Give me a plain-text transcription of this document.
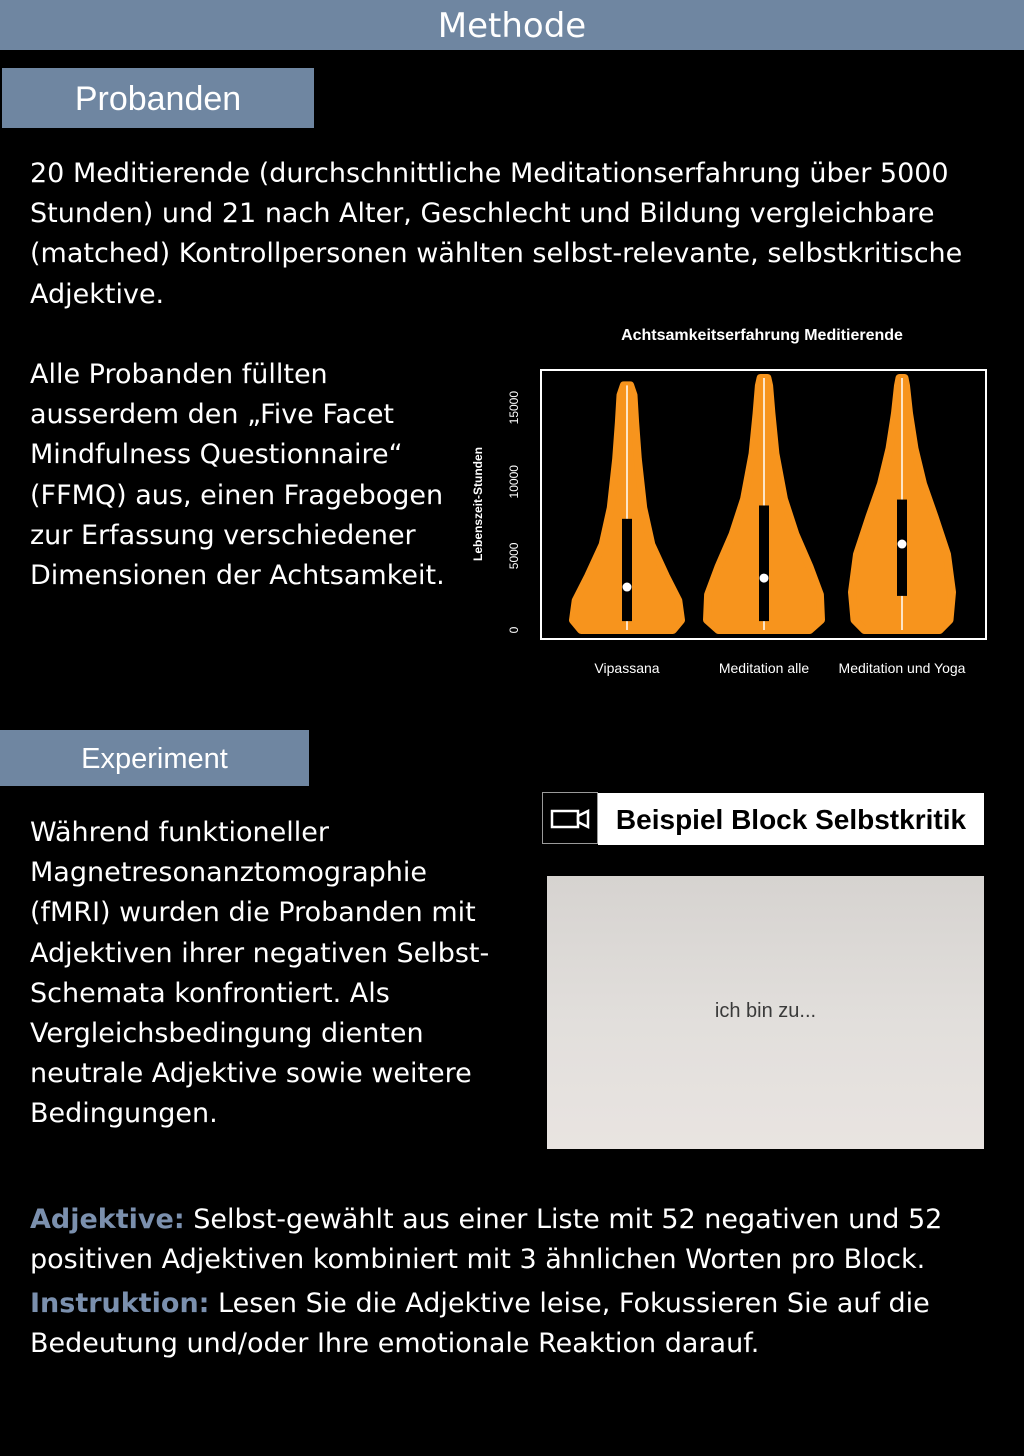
Methode
Probanden

20 Meditierende (durchschnittliche Meditationserfahrung über 5000 Stunden) und 21 nach Alter, Geschlecht und Bildung vergleichbare (matched) Kontrollpersonen wählten selbst-relevante, selbstkritische Adjektive.

Alle Probanden füllten ausserdem den „Five Facet Mindfulness Questionnaire“ (FFMQ) aus, einen Fragebogen zur Erfassung verschiedener Dimensionen der Achtsamkeit.

Achtsamkeitserfahrung Meditierende
Lebenszeit-Stunden
0
5000
10000
15000
Vipassana	Meditation alle Meditation und Yoga
Experiment

Während funktioneller Magnetresonanztomographie (fMRI) wurden die Probanden mit Adjektiven ihrer negativen Selbst-Schemata konfrontiert. Als Vergleichsbedingung dienten neutrale Adjektive sowie weitere Bedingungen.

Beispiel Block Selbstkritik
ich bin zu...

Adjektive: Selbst-gewählt aus einer Liste mit 52 negativen und 52 positiven Adjektiven kombiniert mit 3 ähnlichen Worten pro Block.

Instruktion: Lesen Sie die Adjektive leise, Fokussieren Sie auf die Bedeutung und/oder Ihre emotionale Reaktion darauf.
